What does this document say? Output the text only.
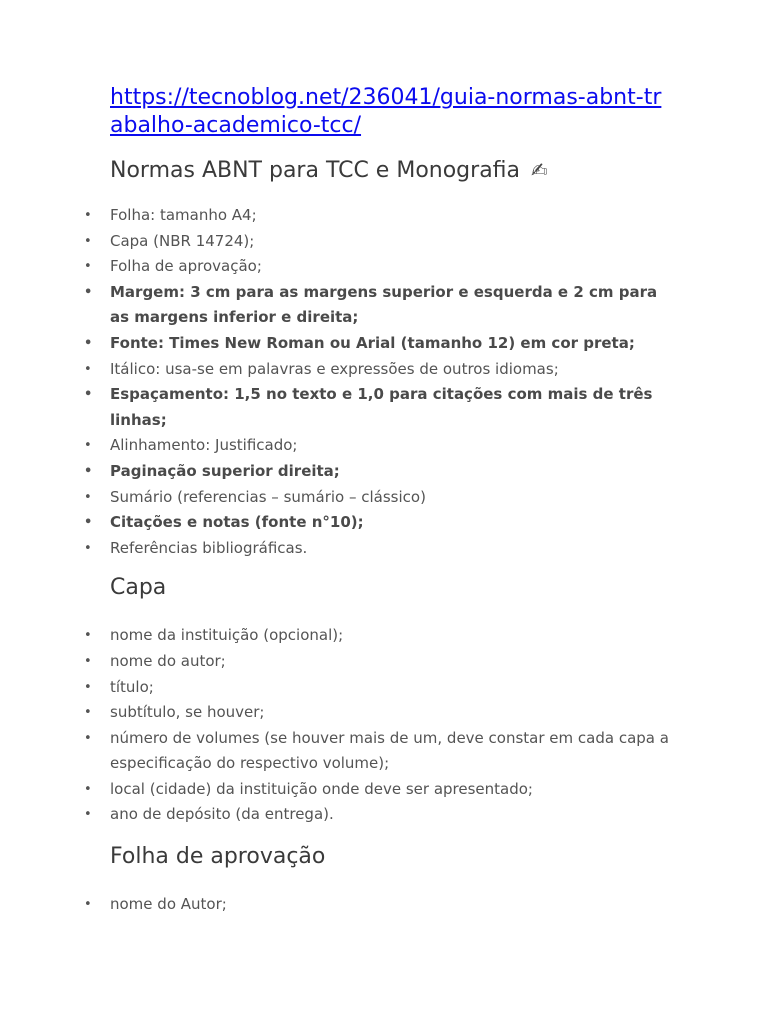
https://tecnoblog.net/236041/guia-normas-abnt-trabalho-academico-tcc/
Normas ABNT para TCC e Monografia ✍
• Folha: tamanho A4;
• Capa (NBR 14724);
• Folha de aprovação;
• Margem: 3 cm para as margens superior e esquerda e 2 cm para as margens inferior e direita;
• Fonte: Times New Roman ou Arial (tamanho 12) em cor preta;
• Itálico: usa-se em palavras e expressões de outros idiomas;
• Espaçamento: 1,5 no texto e 1,0 para citações com mais de três linhas;
• Alinhamento: Justificado;
• Paginação superior direita;
• Sumário (referencias – sumário – clássico)
• Citações e notas (fonte n°10);
• Referências bibliográficas.
Capa
• nome da instituição (opcional);
• nome do autor;
• título;
• subtítulo, se houver;
• número de volumes (se houver mais de um, deve constar em cada capa a especificação do respectivo volume);
• local (cidade) da instituição onde deve ser apresentado;
• ano de depósito (da entrega).
Folha de aprovação
• nome do Autor;
